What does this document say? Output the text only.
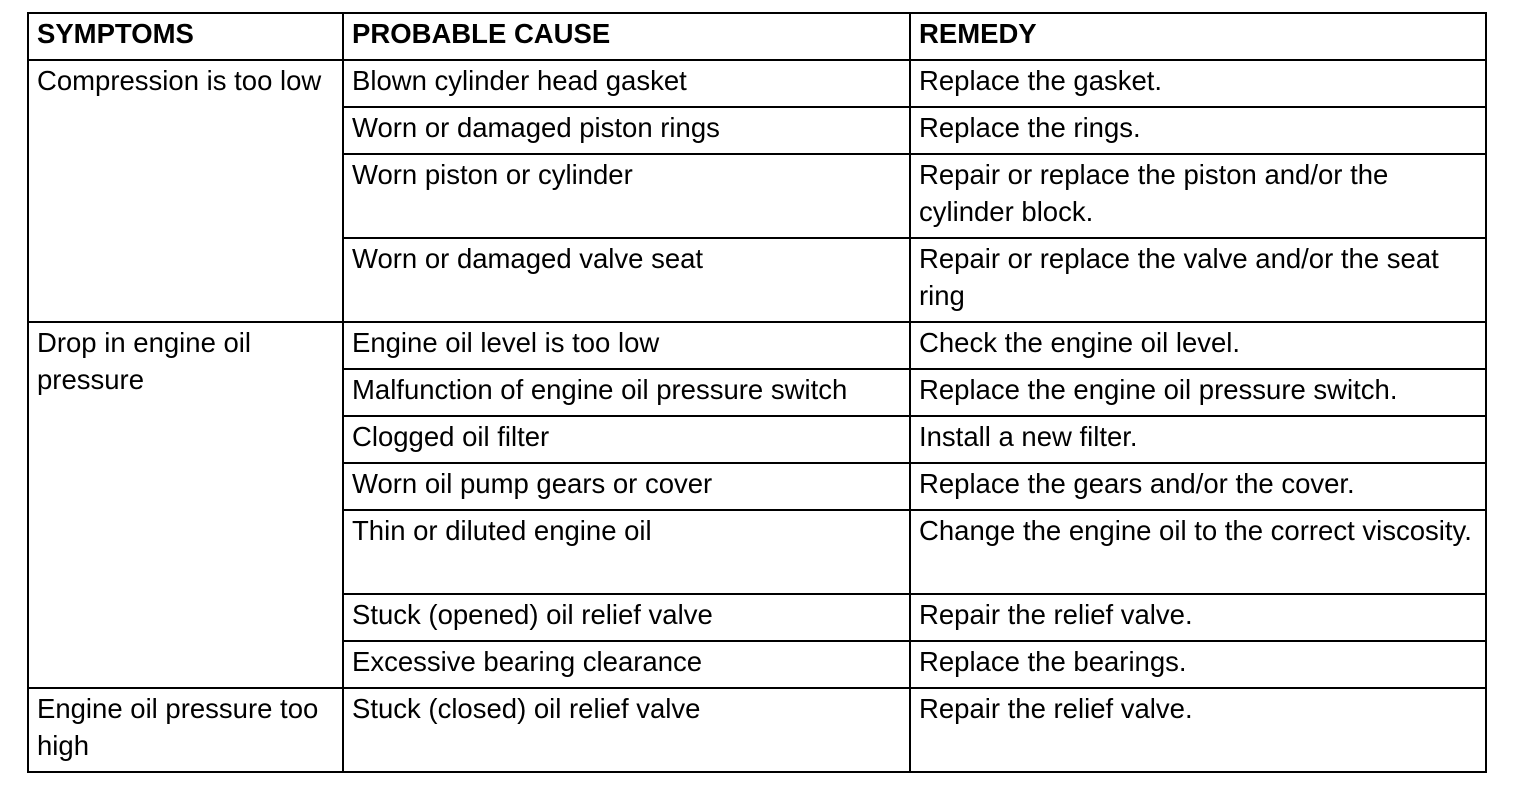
SYMPTOMS	PROBABLE CAUSE	REMEDY
Compression is too low	Blown cylinder head gasket	Replace the gasket.
	Worn or damaged piston rings	Replace the rings.
	Worn piston or cylinder	Repair or replace the piston and/or the cylinder block.
	Worn or damaged valve seat	Repair or replace the valve and/or the seat ring
Drop in engine oil pressure	Engine oil level is too low	Check the engine oil level.
	Malfunction of engine oil pressure switch	Replace the engine oil pressure switch.
	Clogged oil filter	Install a new filter.
	Worn oil pump gears or cover	Replace the gears and/or the cover.
	Thin or diluted engine oil	Change the engine oil to the correct viscosity.
	Stuck (opened) oil relief valve	Repair the relief valve.
	Excessive bearing clearance	Replace the bearings.
Engine oil pressure too high	Stuck (closed) oil relief valve	Repair the relief valve.
